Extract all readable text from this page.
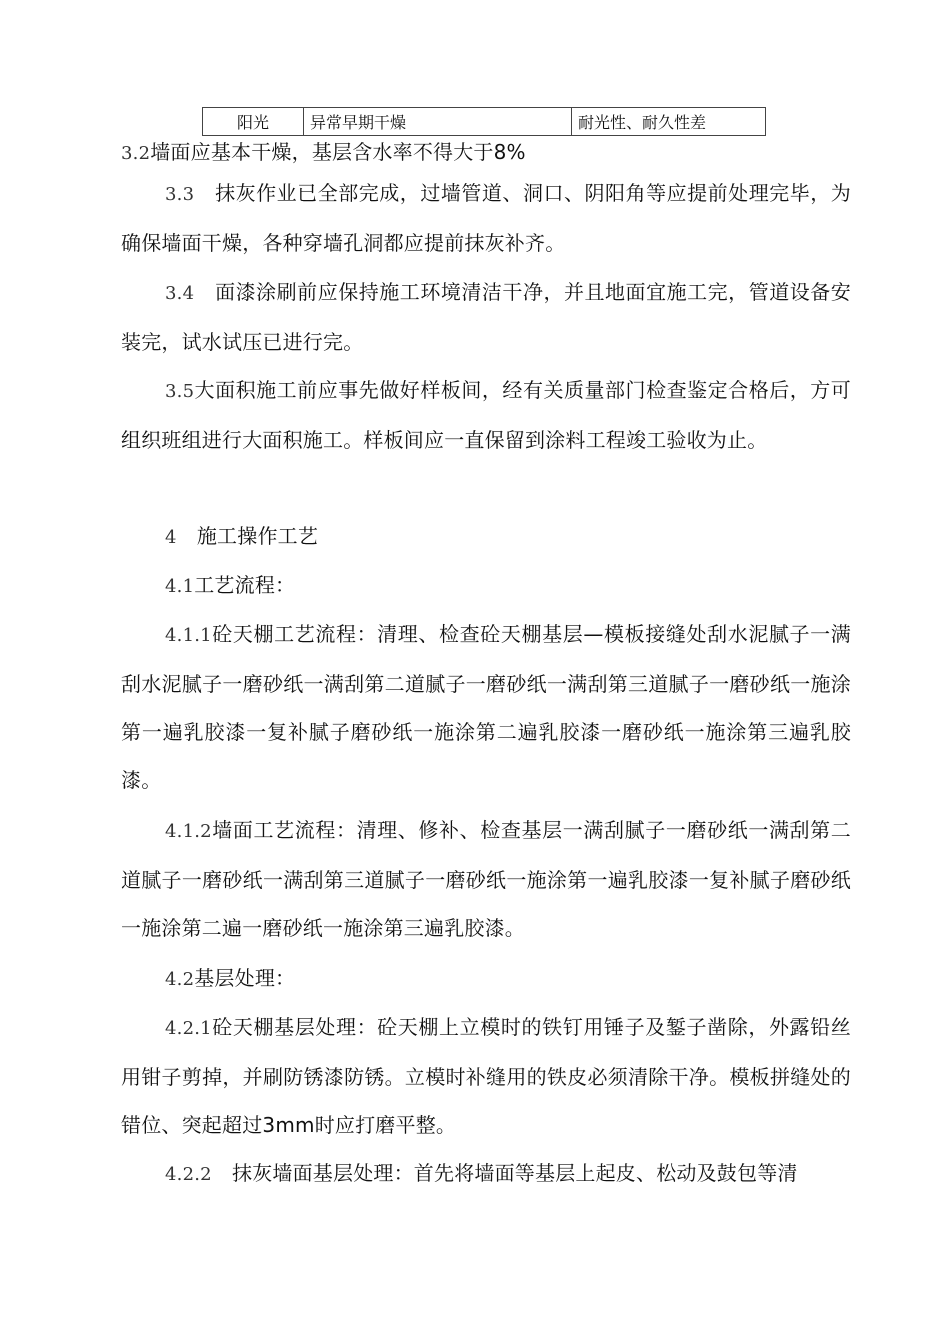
阳光	异常早期干燥	耐光性、耐久性差

3.2墙面应基本干燥，基层含水率不得大于8%

3.3　抹灰作业已全部完成，过墙管道、洞口、阴阳角等应提前处理完毕，为确保墙面干燥，各种穿墙孔洞都应提前抹灰补齐。

3.4　面漆涂刷前应保持施工环境清洁干净，并且地面宜施工完，管道设备安装完，试水试压已进行完。

3.5大面积施工前应事先做好样板间，经有关质量部门检查鉴定合格后，方可组织班组进行大面积施工。样板间应一直保留到涂料工程竣工验收为止。

4　施工操作工艺

4.1工艺流程：

4.1.1砼天棚工艺流程：清理、检查砼天棚基层—模板接缝处刮水泥腻子一满刮水泥腻子一磨砂纸一满刮第二道腻子一磨砂纸一满刮第三道腻子一磨砂纸一施涂第一遍乳胶漆一复补腻子磨砂纸一施涂第二遍乳胶漆一磨砂纸一施涂第三遍乳胶漆。

4.1.2墙面工艺流程：清理、修补、检查基层一满刮腻子一磨砂纸一满刮第二道腻子一磨砂纸一满刮第三道腻子一磨砂纸一施涂第一遍乳胶漆一复补腻子磨砂纸一施涂第二遍一磨砂纸一施涂第三遍乳胶漆。

4.2基层处理：

4.2.1砼天棚基层处理：砼天棚上立模时的铁钉用锤子及錾子凿除，外露铅丝用钳子剪掉，并刷防锈漆防锈。立模时补缝用的铁皮必须清除干净。模板拼缝处的错位、突起超过3mm时应打磨平整。

4.2.2　抹灰墙面基层处理：首先将墙面等基层上起皮、松动及鼓包等清
